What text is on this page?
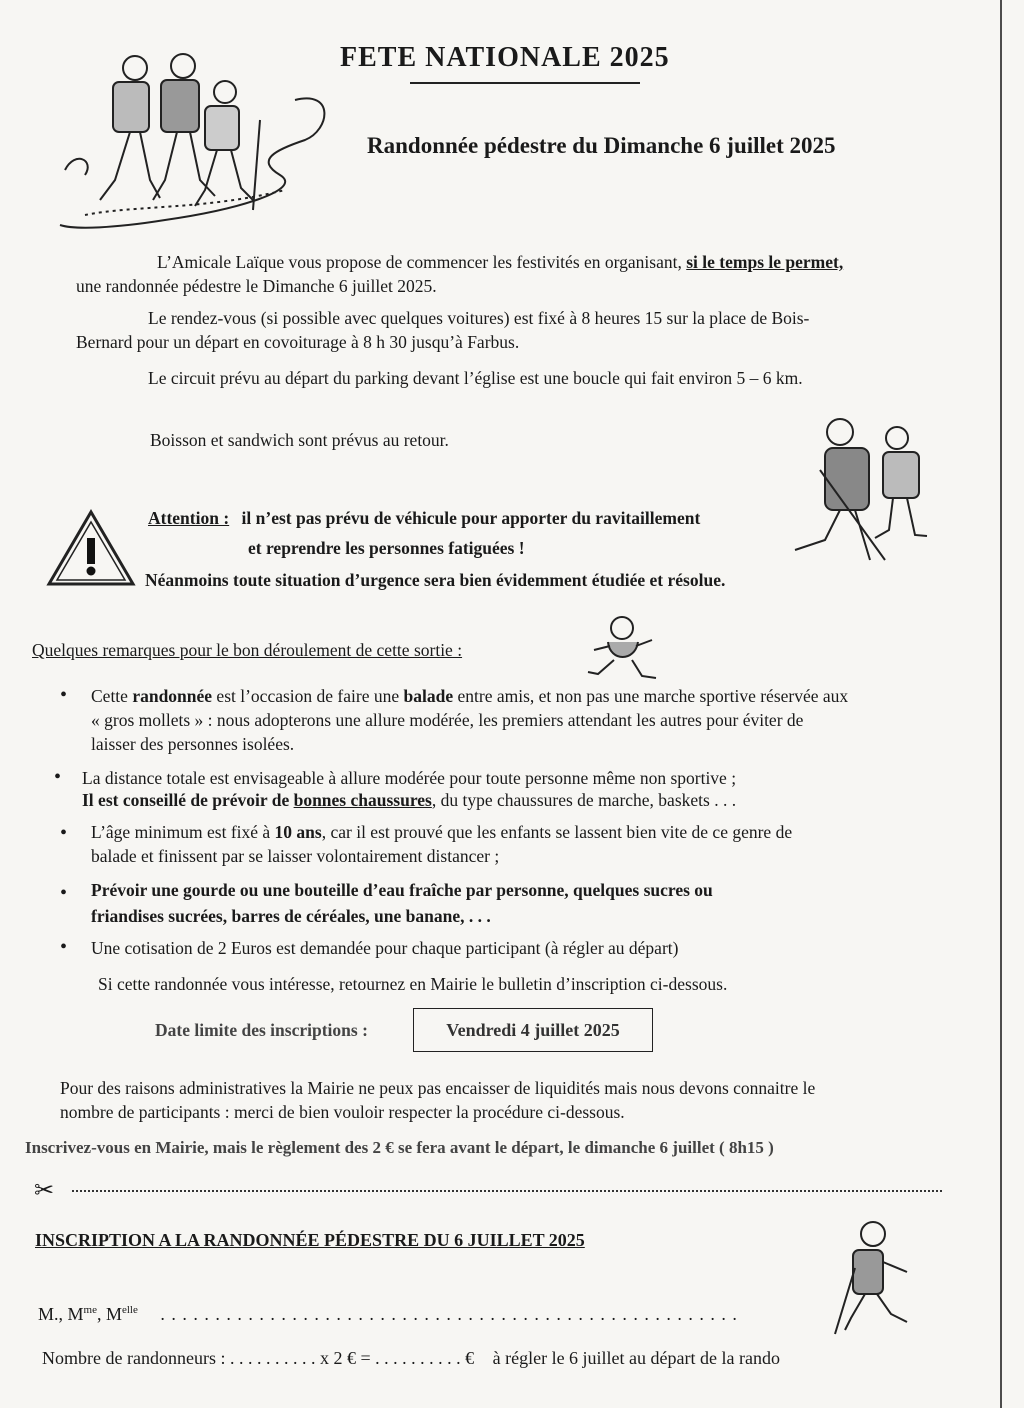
FETE NATIONALE 2025
Randonnée pédestre du Dimanche 6 juillet 2025
L’Amicale Laïque vous propose de commencer les festivités en organisant, si le temps le permet,
une randonnée pédestre le Dimanche 6 juillet 2025.
Le rendez-vous (si possible avec quelques voitures) est fixé à 8 heures 15 sur la place de Bois-
Bernard pour un départ en covoiturage à 8 h 30 jusqu’à Farbus.
Le circuit prévu au départ du parking devant l’église est une boucle qui fait environ 5 – 6 km.
Boisson et sandwich sont prévus au retour.
Attention : il n’est pas prévu de véhicule pour apporter du ravitaillement
et reprendre les personnes fatiguées !
Néanmoins toute situation d’urgence sera bien évidemment étudiée et résolue.
Quelques remarques pour le bon déroulement de cette sortie :
• Cette randonnée est l’occasion de faire une balade entre amis, et non pas une marche sportive réservée aux
« gros mollets » : nous adopterons une allure modérée, les premiers attendant les autres pour éviter de
laisser des personnes isolées.
• La distance totale est envisageable à allure modérée pour toute personne même non sportive ;
Il est conseillé de prévoir de bonnes chaussures, du type chaussures de marche, baskets . . .
• L’âge minimum est fixé à 10 ans, car il est prouvé que les enfants se lassent bien vite de ce genre de
balade et finissent par se laisser volontairement distancer ;
• Prévoir une gourde ou une bouteille d’eau fraîche par personne, quelques sucres ou
friandises sucrées, barres de céréales, une banane, . . .
• Une cotisation de 2 Euros est demandée pour chaque participant (à régler au départ)
Si cette randonnée vous intéresse, retournez en Mairie le bulletin d’inscription ci-dessous.
Date limite des inscriptions :	Vendredi 4 juillet 2025
Pour des raisons administratives la Mairie ne peux pas encaisser de liquidités mais nous devons connaitre le
nombre de participants : merci de bien vouloir respecter la procédure ci-dessous.
Inscrivez-vous en Mairie, mais le règlement des 2 € se fera avant le départ, le dimanche 6 juillet ( 8h15 )
✂
INSCRIPTION A LA RANDONNÉE PÉDESTRE DU 6 JUILLET 2025
M., $M^{me}$, $M^{elle}$ . . . . . . . . . . . . . . . . . . . . . . . . . . . . . . . . . . . . . . . . . . . . . . . . . . . . .
Nombre de randonneurs : . . . . . . . . . . x 2 € = . . . . . . . . . . € à régler le 6 juillet au départ de la rando
